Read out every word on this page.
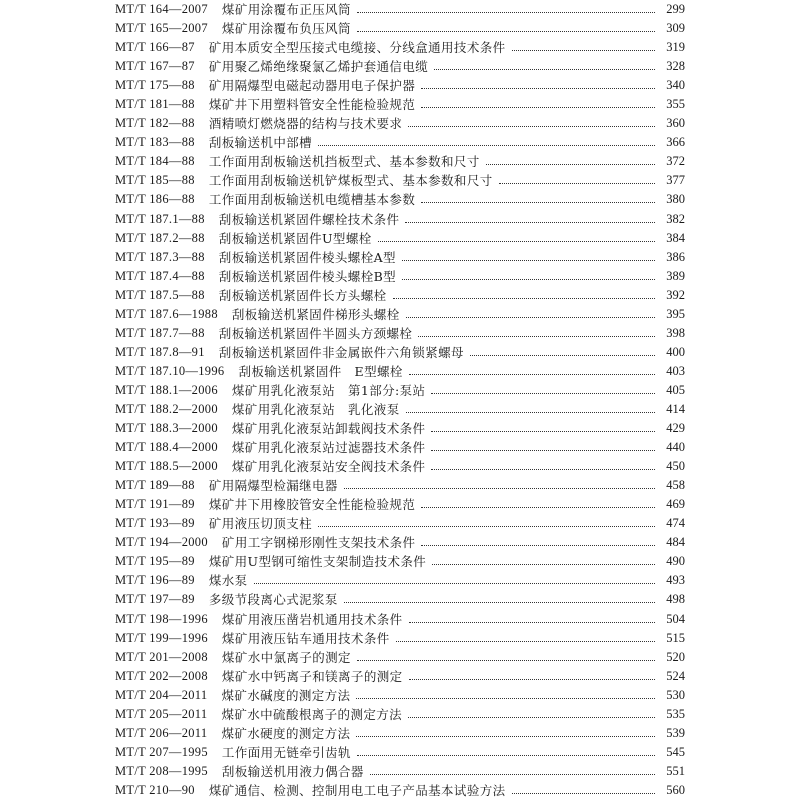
MT/T 164—2007 煤矿用涂覆布正压风筒	299
MT/T 165—2007 煤矿用涂覆布负压风筒	309
MT/T 166—87 矿用本质安全型压接式电缆接、分线盒通用技术条件	319
MT/T 167—87 矿用聚乙烯绝缘聚氯乙烯护套通信电缆	328
MT/T 175—88 矿用隔爆型电磁起动器用电子保护器	340
MT/T 181—88 煤矿井下用塑料管安全性能检验规范	355
MT/T 182—88 酒精喷灯燃烧器的结构与技术要求	360
MT/T 183—88 刮板输送机中部槽	366
MT/T 184—88 工作面用刮板输送机挡板型式、基本参数和尺寸	372
MT/T 185—88 工作面用刮板输送机铲煤板型式、基本参数和尺寸	377
MT/T 186—88 工作面用刮板输送机电缆槽基本参数	380
MT/T 187.1—88 刮板输送机紧固件螺栓技术条件	382
MT/T 187.2—88 刮板输送机紧固件U型螺栓	384
MT/T 187.3—88 刮板输送机紧固件棱头螺栓A型	386
MT/T 187.4—88 刮板输送机紧固件棱头螺栓B型	389
MT/T 187.5—88 刮板输送机紧固件长方头螺栓	392
MT/T 187.6—1988 刮板输送机紧固件梯形头螺栓	395
MT/T 187.7—88 刮板输送机紧固件半圆头方颈螺栓	398
MT/T 187.8—91 刮板输送机紧固件非金属嵌件六角锁紧螺母	400
MT/T 187.10—1996 刮板输送机紧固件　E型螺栓	403
MT/T 188.1—2006 煤矿用乳化液泵站　第1部分:泵站	405
MT/T 188.2—2000 煤矿用乳化液泵站　乳化液泵	414
MT/T 188.3—2000 煤矿用乳化液泵站卸载阀技术条件	429
MT/T 188.4—2000 煤矿用乳化液泵站过滤器技术条件	440
MT/T 188.5—2000 煤矿用乳化液泵站安全阀技术条件	450
MT/T 189—88 矿用隔爆型检漏继电器	458
MT/T 191—89 煤矿井下用橡胶管安全性能检验规范	469
MT/T 193—89 矿用液压切顶支柱	474
MT/T 194—2000 矿用工字钢梯形刚性支架技术条件	484
MT/T 195—89 煤矿用U型钢可缩性支架制造技术条件	490
MT/T 196—89 煤水泵	493
MT/T 197—89 多级节段离心式泥浆泵	498
MT/T 198—1996 煤矿用液压凿岩机通用技术条件	504
MT/T 199—1996 煤矿用液压钻车通用技术条件	515
MT/T 201—2008 煤矿水中氯离子的测定	520
MT/T 202—2008 煤矿水中钙离子和镁离子的测定	524
MT/T 204—2011 煤矿水碱度的测定方法	530
MT/T 205—2011 煤矿水中硫酸根离子的测定方法	535
MT/T 206—2011 煤矿水硬度的测定方法	539
MT/T 207—1995 工作面用无链牵引齿轨	545
MT/T 208—1995 刮板输送机用液力偶合器	551
MT/T 210—90 煤矿通信、检测、控制用电工电子产品基本试验方法	560
